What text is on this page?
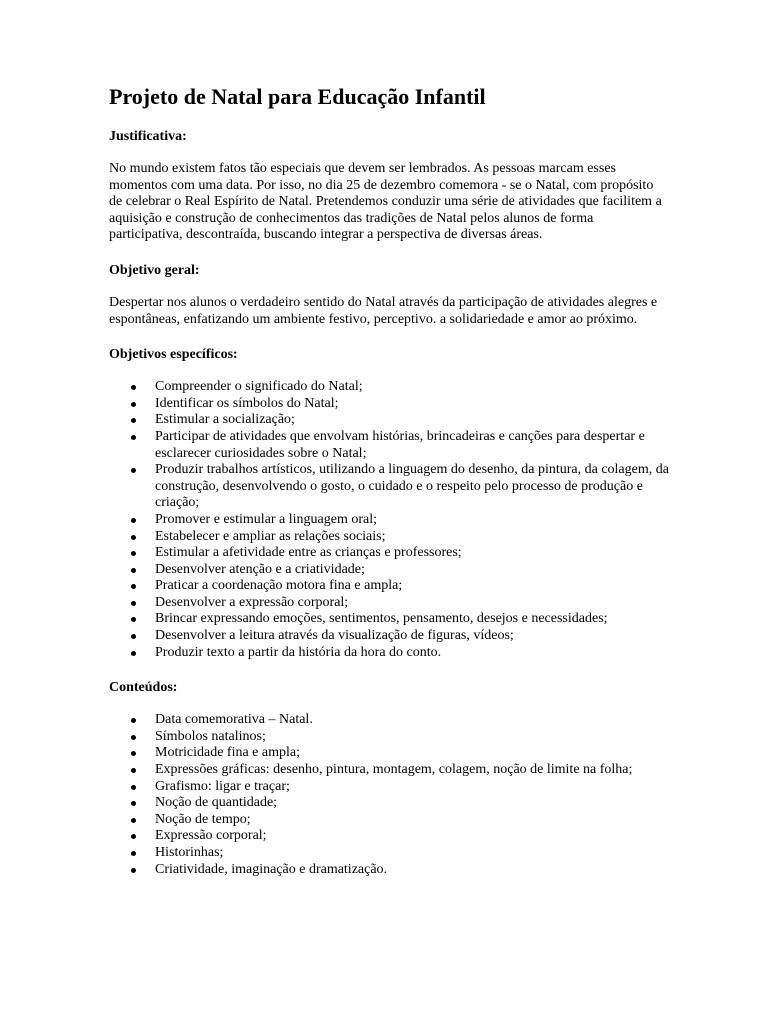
Projeto de Natal para Educação Infantil

Justificativa:

No mundo existem fatos tão especiais que devem ser lembrados. As pessoas marcam esses momentos com uma data. Por isso, no dia 25 de dezembro comemora - se o Natal, com propósito de celebrar o Real Espírito de Natal. Pretendemos conduzir uma série de atividades que facilitem a aquisição e construção de conhecimentos das tradições de Natal pelos alunos de forma participativa, descontraída, buscando integrar a perspectiva de diversas áreas.

Objetivo geral:

Despertar nos alunos o verdadeiro sentido do Natal através da participação de atividades alegres e espontâneas, enfatizando um ambiente festivo, perceptivo. a solidariedade e amor ao próximo.

Objetivos específicos:

Compreender o significado do Natal;
Identificar os símbolos do Natal;
Estimular a socialização;
Participar de atividades que envolvam histórias, brincadeiras e canções para despertar e esclarecer curiosidades sobre o Natal;
Produzir trabalhos artísticos, utilizando a linguagem do desenho, da pintura, da colagem, da construção, desenvolvendo o gosto, o cuidado e o respeito pelo processo de produção e criação;
Promover e estimular a linguagem oral;
Estabelecer e ampliar as relações sociais;
Estimular a afetividade entre as crianças e professores;
Desenvolver atenção e a criatividade;
Praticar a coordenação motora fina e ampla;
Desenvolver a expressão corporal;
Brincar expressando emoções, sentimentos, pensamento, desejos e necessidades;
Desenvolver a leitura através da visualização de figuras, vídeos;
Produzir texto a partir da história da hora do conto.

Conteúdos:

Data comemorativa – Natal.
Símbolos natalinos;
Motricidade fina e ampla;
Expressões gráficas: desenho, pintura, montagem, colagem, noção de limite na folha;
Grafismo: ligar e traçar;
Noção de quantidade;
Noção de tempo;
Expressão corporal;
Historinhas;
Criatividade, imaginação e dramatização.
